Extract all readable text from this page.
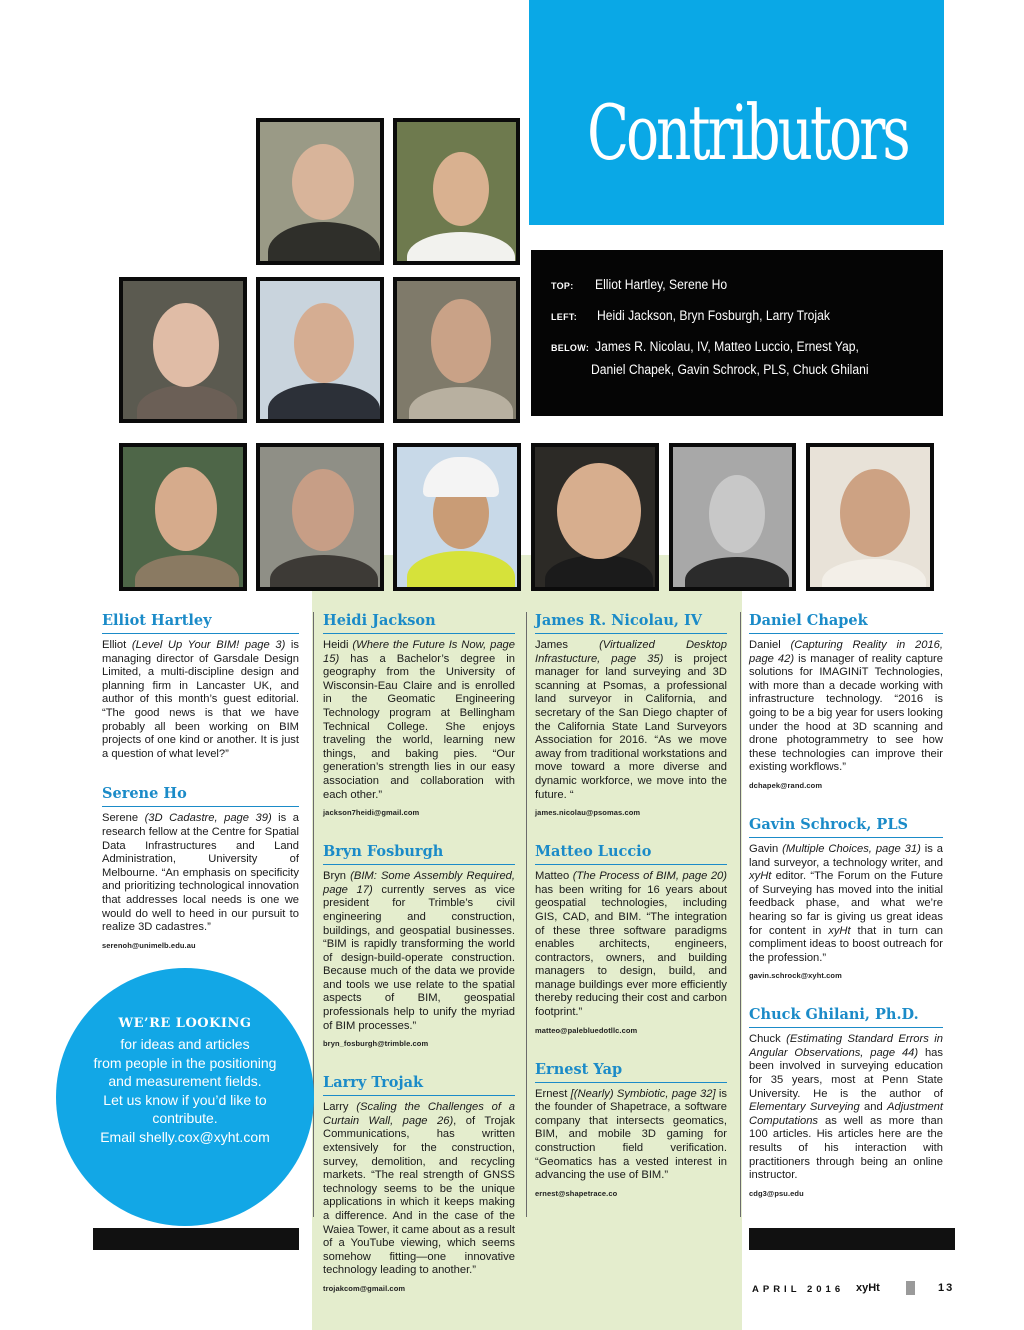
Contributors
TOP: Elliot Hartley, Serene Ho
LEFT: Heidi Jackson, Bryn Fosburgh, Larry Trojak
BELOW: James R. Nicolau, IV, Matteo Luccio, Ernest Yap,
Daniel Chapek, Gavin Schrock, PLS, Chuck Ghilani
Elliot Hartley
Elliot (Level Up Your BIM! page 3) is managing director of Garsdale Design Limited, a multi-discipline design and planning firm in Lancaster UK, and author of this month’s guest editorial. “The good news is that we have probably all been working on BIM projects of one kind or another. It is just a question of what level?”
Serene Ho
Serene (3D Cadastre, page 39) is a research fellow at the Centre for Spatial Data Infrastructures and Land Administration, University of Melbourne. “An emphasis on specificity and prioritizing technological innovation that addresses local needs is one we would do well to heed in our pursuit to realize 3D cadastres.”
serenoh@unimelb.edu.au
Heidi Jackson
Heidi (Where the Future Is Now, page 15) has a Bachelor’s degree in geography from the University of Wisconsin-Eau Claire and is enrolled in the Geomatic Engineering Technology program at Bellingham Technical College. She enjoys traveling the world, learning new things, and baking pies. “Our generation’s strength lies in our easy association and collaboration with each other.”
jackson7heidi@gmail.com
Bryn Fosburgh
Bryn (BIM: Some Assembly Required, page 17) currently serves as vice president for Trimble’s civil engineering and construction, buildings, and geospatial businesses. “BIM is rapidly transforming the world of design-build-operate construction. Because much of the data we provide and tools we use relate to the spatial aspects of BIM, geospatial professionals help to unify the myriad of BIM processes.”
bryn_fosburgh@trimble.com
Larry Trojak
Larry (Scaling the Challenges of a Curtain Wall, page 26), of Trojak Communications, has written extensively for the construction, survey, demolition, and recycling markets. “The real strength of GNSS technology seems to be the unique applications in which it keeps making a difference. And in the case of the Waiea Tower, it came about as a result of a YouTube viewing, which seems somehow fitting—one innovative technology leading to another.”
trojakcom@gmail.com
James R. Nicolau, IV
James (Virtualized Desktop Infrastucture, page 35) is project manager for land surveying and 3D scanning at Psomas, a professional land surveyor in California, and secretary of the San Diego chapter of the California State Land Surveyors Association for 2016. “As we move away from traditional workstations and move toward a more diverse and dynamic workforce, we move into the future. “
james.nicolau@psomas.com
Matteo Luccio
Matteo (The Process of BIM, page 20) has been writing for 16 years about geospatial technologies, including GIS, CAD, and BIM. “The integration of these three software paradigms enables architects, engineers, contractors, owners, and building managers to design, build, and manage buildings ever more efficiently thereby reducing their cost and carbon footprint.”
matteo@palebluedotllc.com
Ernest Yap
Ernest [(Nearly) Symbiotic, page 32] is the founder of Shapetrace, a software company that intersects geomatics, BIM, and mobile 3D gaming for construction field verification. “Geomatics has a vested interest in advancing the use of BIM.”
ernest@shapetrace.co
Daniel Chapek
Daniel (Capturing Reality in 2016, page 42) is manager of reality capture solutions for IMAGINiT Technologies, with more than a decade working with infrastructure technology. “2016 is going to be a big year for users looking under the hood at 3D scanning and drone photogrammetry to see how these technologies can improve their existing workflows.”
dchapek@rand.com
Gavin Schrock, PLS
Gavin (Multiple Choices, page 31) is a land surveyor, a technology writer, and xyHt editor. “The Forum on the Future of Surveying has moved into the initial feedback phase, and what we’re hearing so far is giving us great ideas for content in xyHt that in turn can compliment ideas to boost outreach for the profession.”
gavin.schrock@xyht.com
Chuck Ghilani, Ph.D.
Chuck (Estimating Standard Errors in Angular Observations, page 44) has been involved in surveying education for 35 years, most at Penn State University. He is the author of Elementary Surveying and Adjustment Computations as well as more than 100 articles. His articles here are the results of his interaction with practitioners through being an online instructor.
cdg3@psu.edu
WE’RE LOOKING
for ideas and articles
from people in the positioning
and measurement fields.
Let us know if you’d like to
contribute.
Email shelly.cox@xyht.com
APRIL 2016 xyHt	13
